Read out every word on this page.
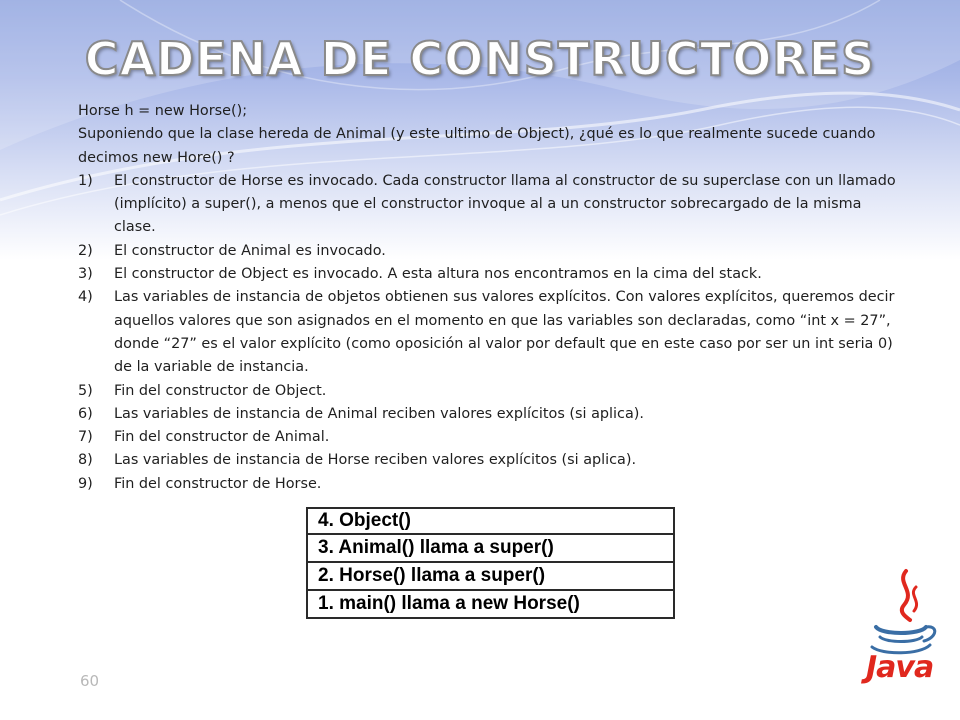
CADENA DE CONSTRUCTORES

Horse h = new Horse();

Suponiendo que la clase hereda de Animal (y este ultimo de Object), ¿qué es lo que realmente sucede cuando decimos new Hore() ?

1) El constructor de Horse es invocado. Cada constructor llama al constructor de su superclase con un llamado (implícito) a super(), a menos que el constructor invoque al a un constructor sobrecargado de la misma clase.
2) El constructor de Animal es invocado.
3) El constructor de Object es invocado. A esta altura nos encontramos en la cima del stack.
4) Las variables de instancia de objetos obtienen sus valores explícitos. Con valores explícitos, queremos decir aquellos valores que son asignados en el momento en que las variables son declaradas, como “int x = 27”, donde “27” es el valor explícito (como oposición al valor por default que en este caso por ser un int seria 0) de la variable de instancia.
5) Fin del constructor de Object.
6) Las variables de instancia de Animal reciben valores explícitos (si aplica).
7) Fin del constructor de Animal.
8) Las variables de instancia de Horse reciben valores explícitos (si aplica).
9) Fin del constructor de Horse.
4. Object()
3. Animal() llama a super()
2. Horse() llama a super()
1. main() llama a new Horse()
60	Java
